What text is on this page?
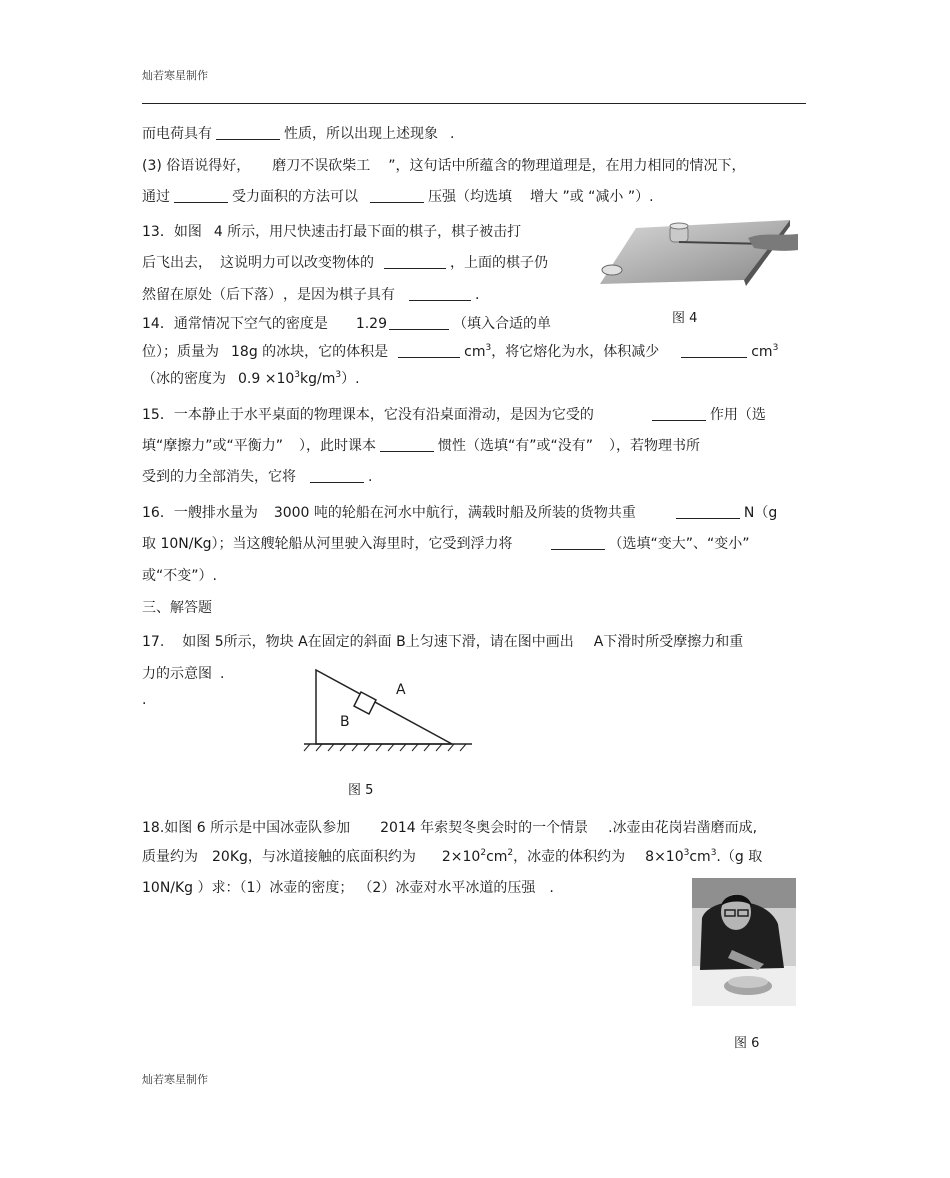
灿若寒星制作
而电荷具有	性质，所以出现上述现象 .
(3) 俗语说得好， 磨刀不误砍柴工 ”，这句话中所蕴含的物理道理是，在用力相同的情况下，
通过	受力面积的方法可以	压强（均选填 增大 ”或 “减小 ”）.
13．如图 4 所示，用尺快速击打最下面的棋子，棋子被击打
后飞出去， 这说明力可以改变物体的	，上面的棋子仍
然留在原处（后下落） ，是因为棋子具有	.
图 4
14．通常情况下空气的密度是 1.29	（填入合适的单
位）；质量为 18g 的冰块，它的体积是	$cm^3$，将它熔化为水，体积减少	$cm^3$
（冰的密度为 $0.9 \times 10^3kg/m^3$）.
15．一本静止于水平桌面的物理课本，它没有沿桌面滑动，是因为它受的	作用（选
填“摩擦力”或“平衡力” ），此时课本	惯性（选填“有”或“没有” ），若物理书所
受到的力全部消失，它将	.
16．一艘排水量为 3000 吨的轮船在河水中航行，满载时船及所装的货物共重	N（g
取 10N/Kg）；当这艘轮船从河里驶入海里时，它受到浮力将	（选填“变大”、“变小”
或“不变”）.
三、解答题
17. 如图 5所示，物块 A在固定的斜面 B上匀速下滑，请在图中画出 A下滑时所受摩擦力和重
力的示意图 .
.
A
B
图 5
18.如图 6 所示是中国冰壶队参加 2014 年索契冬奥会时的一个情景 .冰壶由花岗岩凿磨而成,
质量约为 20Kg，与冰道接触的底面积约为 $2\times 10^2cm^2$，冰壶的体积约为 $8\times 10^3cm^3.(g$ 取
10N/Kg ）求：（1）冰壶的密度； （2）冰壶对水平冰道的压强 .
图 6
灿若寒星制作
